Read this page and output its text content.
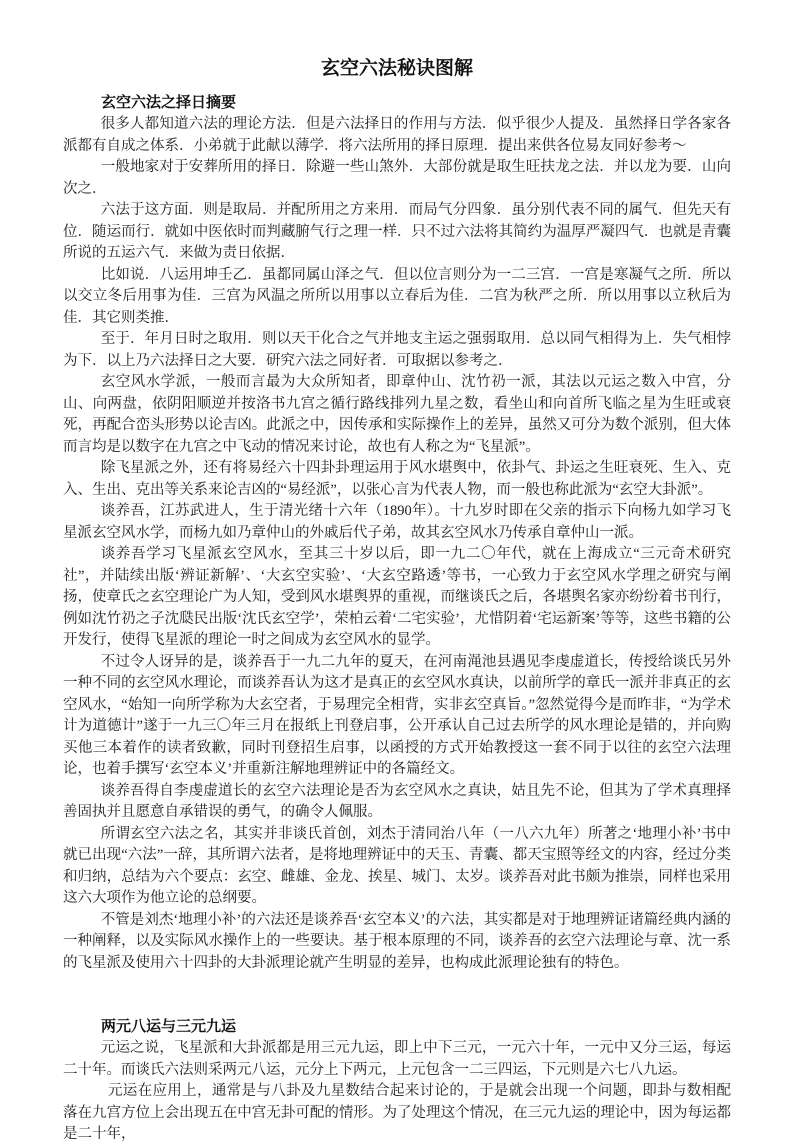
玄空六法秘诀图解
玄空六法之择日摘要

很多人都知道六法的理论方法．但是六法择日的作用与方法．似乎很少人提及．虽然择日学各家各派都有自成之体系．小弟就于此献以薄学．将六法所用的择日原理．提出来供各位易友同好参考～

一般地家对于安葬所用的择日．除避一些山煞外．大部份就是取生旺扶龙之法．并以龙为要．山向次之．

六法于这方面．则是取局．并配所用之方来用．而局气分四象．虽分别代表不同的属气．但先天有位．随运而行．就如中医依时而判藏腑气行之理一样．只不过六法将其简约为温厚严凝四气．也就是青囊所说的五运六气．来做为责日依据．

比如说．八运用坤壬乙．虽都同属山泽之气．但以位言则分为一二三宫．一宫是寒凝气之所．所以以交立冬后用事为佳．三宫为风温之所所以用事以立春后为佳．二宫为秋严之所．所以用事以立秋后为佳．其它则类推．

至于．年月日时之取用．则以天干化合之气并地支主运之强弱取用．总以同气相得为上．失气相悖为下．以上乃六法择日之大要．研究六法之同好者．可取据以参考之．

玄空风水学派，一般而言最为大众所知者，即章仲山、沈竹礽一派，其法以元运之数入中宫，分山、向两盘，依阴阳顺逆并按洛书九宫之循行路线排列九星之数，看坐山和向首所飞临之星为生旺或衰死，再配合峦头形势以论吉凶。此派之中，因传承和实际操作上的差异，虽然又可分为数个派别，但大体而言均是以数字在九宫之中飞动的情况来讨论，故也有人称之为“飞星派”。

除飞星派之外，还有将易经六十四卦卦理运用于风水堪舆中，依卦气、卦运之生旺衰死、生入、克入、生出、克出等关系来论吉凶的“易经派”，以张心言为代表人物，而一般也称此派为“玄空大卦派”。

谈养吾，江苏武进人，生于清光绪十六年（1890年）。十九岁时即在父亲的指示下向杨九如学习飞星派玄空风水学，而杨九如乃章仲山的外戚后代子弟，故其玄空风水乃传承自章仲山一派。

谈养吾学习飞星派玄空风水，至其三十岁以后，即一九二〇年代，就在上海成立“三元奇术研究社”，并陆续出版‘辨证新解’、‘大玄空实验’、‘大玄空路透’等书，一心致力于玄空风水学理之研究与阐扬，使章氏之玄空理论广为人知，受到风水堪舆界的重视，而继谈氏之后，各堪舆名家亦纷纷着书刊行，例如沈竹礽之子沈瓞民出版‘沈氏玄空学’，荣柏云着‘二宅实验’，尤惜阴着‘宅运新案’等等，这些书籍的公开发行，使得飞星派的理论一时之间成为玄空风水的显学。

不过令人讶异的是，谈养吾于一九二九年的夏天，在河南渑池县遇见李虔虚道长，传授给谈氏另外一种不同的玄空风水理论，而谈养吾认为这才是真正的玄空风水真诀，以前所学的章氏一派并非真正的玄空风水，“始知一向所学称为大玄空者，于易理完全相背，实非玄空真旨。”忽然觉得今是而昨非，“为学术计为道德计”遂于一九三〇年三月在报纸上刊登启事，公开承认自己过去所学的风水理论是错的，并向购买他三本着作的读者致歉，同时刊登招生启事，以函授的方式开始教授这一套不同于以往的玄空六法理论，也着手撰写‘玄空本义’并重新注解地理辨证中的各篇经文。

谈养吾得自李虔虚道长的玄空六法理论是否为玄空风水之真诀，姑且先不论，但其为了学术真理择善固执并且愿意自承错误的勇气，的确令人佩服。

所谓玄空六法之名，其实并非谈氏首创，刘杰于清同治八年（一八六九年）所著之‘地理小补’书中就已出现“六法”一辞，其所谓六法者，是将地理辨证中的天玉、青囊、都天宝照等经文的内容，经过分类和归纳，总结为六个要点：玄空、雌雄、金龙、挨星、城门、太岁。谈养吾对此书颇为推崇，同样也采用这六大项作为他立论的总纲要。

不管是刘杰‘地理小补’的六法还是谈养吾‘玄空本义’的六法，其实都是对于地理辨证诸篇经典内涵的一种阐释，以及实际风水操作上的一些要诀。基于根本原理的不同，谈养吾的玄空六法理论与章、沈一系的飞星派及使用六十四卦的大卦派理论就产生明显的差异，也构成此派理论独有的特色。

两元八运与三元九运

元运之说，飞星派和大卦派都是用三元九运，即上中下三元，一元六十年，一元中又分三运，每运二十年。而谈氏六法则采两元八运，元分上下两元，上元包含一二三四运，下元则是六七八九运。

元运在应用上，通常是与八卦及九星数结合起来讨论的，于是就会出现一个问题，即卦与数相配落在九宫方位上会出现五在中宫无卦可配的情形。为了处理这个情况，在三元九运的理论中，因为每运都是二十年，
